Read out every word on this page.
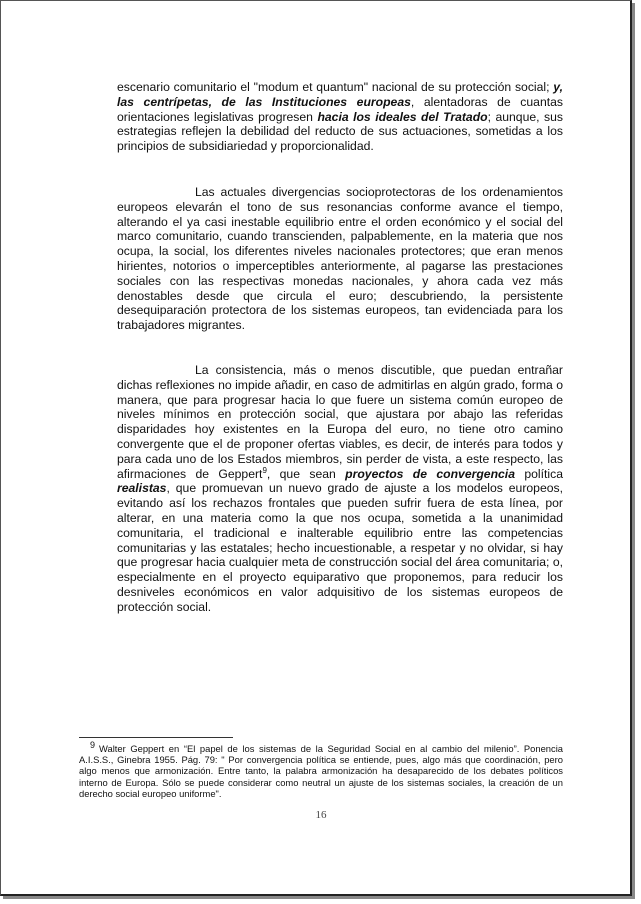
escenario comunitario el "modum et quantum" nacional de su protección social; y, las centrípetas, de las Instituciones europeas, alentadoras de cuantas orientaciones legislativas progresen hacia los ideales del Tratado; aunque, sus estrategias reflejen la debilidad del reducto de sus actuaciones, sometidas a los principios de subsidiariedad y proporcionalidad.

Las actuales divergencias socioprotectoras de los ordenamientos europeos elevarán el tono de sus resonancias conforme avance el tiempo, alterando el ya casi inestable equilibrio entre el orden económico y el social del marco comunitario, cuando transcienden, palpablemente, en la materia que nos ocupa, la social, los diferentes niveles nacionales protectores; que eran menos hirientes, notorios o imperceptibles anteriormente, al pagarse las prestaciones sociales con las respectivas monedas nacionales, y ahora cada vez más denostables desde que circula el euro; descubriendo, la persistente desequiparación protectora de los sistemas europeos, tan evidenciada para los trabajadores migrantes.

La consistencia, más o menos discutible, que puedan entrañar dichas reflexiones no impide añadir, en caso de admitirlas en algún grado, forma o manera, que para progresar hacia lo que fuere un sistema común europeo de niveles mínimos en protección social, que ajustara por abajo las referidas disparidades hoy existentes en la Europa del euro, no tiene otro camino convergente que el de proponer ofertas viables, es decir, de interés para todos y para cada uno de los Estados miembros, sin perder de vista, a este respecto, las afirmaciones de Geppert$^9$, que sean proyectos de convergencia política realistas, que promuevan un nuevo grado de ajuste a los modelos europeos, evitando así los rechazos frontales que pueden sufrir fuera de esta línea, por alterar, en una materia como la que nos ocupa, sometida a la unanimidad comunitaria, el tradicional e inalterable equilibrio entre las competencias comunitarias y las estatales; hecho incuestionable, a respetar y no olvidar, si hay que progresar hacia cualquier meta de construcción social del área comunitaria; o, especialmente en el proyecto equiparativo que proponemos, para reducir los desniveles económicos en valor adquisitivo de los sistemas europeos de protección social.

$^9$ Walter Geppert en “El papel de los sistemas de la Seguridad Social en al cambio del milenio”. Ponencia A.I.S.S., Ginebra 1955. Pág. 79: " Por convergencia política se entiende, pues, algo más que coordinación, pero algo menos que armonización. Entre tanto, la palabra armonización ha desaparecido de los debates políticos interno de Europa. Sólo se puede considerar como neutral un ajuste de los sistemas sociales, la creación de un derecho social europeo uniforme".

16
